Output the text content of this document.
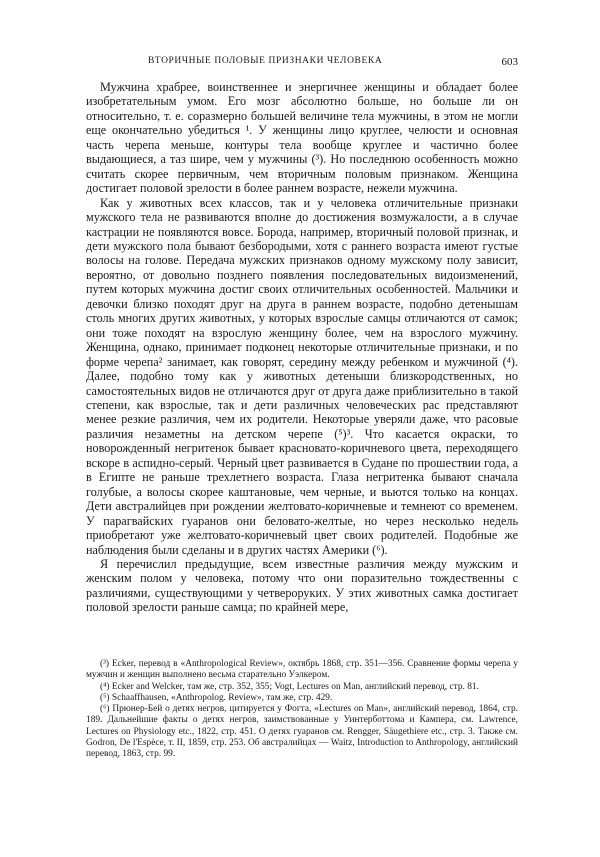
ВТОРИЧНЫЕ ПОЛОВЫЕ ПРИЗНАКИ ЧЕЛОВЕКА	603

Мужчина храбрее, воинственнее и энергичнее женщины и обладает более изобретательным умом. Его мозг абсолютно больше, но больше ли он относительно, т. е. соразмерно большей величине тела мужчины, в этом не могли еще окончательно убедиться ¹. У женщины лицо круглее, челюсти и основная часть черепа меньше, контуры тела вообще круглее и частично более выдающиеся, а таз шире, чем у мужчины (³). Но последнюю особенность можно считать скорее первичным, чем вторичным половым признаком. Женщина достигает половой зрелости в более раннем возрасте, нежели мужчина.

Как у животных всех классов, так и у человека отличительные признаки мужского тела не развиваются вполне до достижения возмужалости, а в случае кастрации не появляются вовсе. Борода, например, вторичный половой признак, и дети мужского пола бывают безбородыми, хотя с раннего возраста имеют густые волосы на голове. Передача мужских признаков одному мужскому полу зависит, вероятно, от довольно позднего появления последовательных видоизменений, путем которых мужчина достиг своих отличительных особенностей. Мальчики и девочки близко походят друг на друга в раннем возрасте, подобно детенышам столь многих других животных, у которых взрослые самцы отличаются от самок; они тоже походят на взрослую женщину более, чем на взрослого мужчину. Женщина, однако, принимает подконец некоторые отличительные признаки, и по форме черепа² занимает, как говорят, середину между ребенком и мужчиной (⁴). Далее, подобно тому как у животных детеныши близкородственных, но самостоятельных видов не отличаются друг от друга даже приблизительно в такой степени, как взрослые, так и дети различных человеческих рас представляют менее резкие различия, чем их родители. Некоторые уверяли даже, что расовые различия незаметны на детском черепе (⁵)³. Что касается окраски, то новорожденный негритенок бывает красновато-коричневого цвета, переходящего вскоре в аспидно-серый. Черный цвет развивается в Судане по прошествии года, а в Египте не раньше трехлетнего возраста. Глаза негритенка бывают сначала голубые, а волосы скорее каштановые, чем черные, и вьются только на концах. Дети австралийцев при рождении желтовато-коричневые и темнеют со временем. У парагвайских гуаранов они беловато-желтые, но через несколько недель приобретают уже желтовато-коричневый цвет своих родителей. Подобные же наблюдения были сделаны и в других частях Америки (⁶).

Я перечислил предыдущие, всем известные различия между мужским и женским полом у человека, потому что они поразительно тождественны с различиями, существующими у четвероруких. У этих животных самка достигает половой зрелости раньше самца; по крайней мере,

(³) Ecker, перевод в «Anthropological Review», октябрь 1868, стр. 351—356. Сравнение формы черепа у мужчин и женщин выполнено весьма старательно Уэлкером.

(⁴) Ecker and Welcker, там же, стр. 352, 355; Vogt, Lectures on Man, английский перевод, стр. 81.

(⁵) Schaaffhausen, «Anthropolog. Review», там же, стр. 429.

(⁶) Прюнер-Бей о детях негров, цитируется у Фогта, «Lectures on Man», английский перевод, 1864, стр. 189. Дальнейшие факты о детях негров, заимствованные у Уинтерботтома и Кампера, см. Lawrence, Lectures on Physiology etc., 1822, стр. 451. О детях гуаранов см. Rengger, Säugethiere etc., стр. 3. Также см. Godron, De l'Espèce, т. II, 1859, стр. 253. Об австралийцах — Waitz, Introduction to Anthropology, английский перевод, 1863, стр. 99.
